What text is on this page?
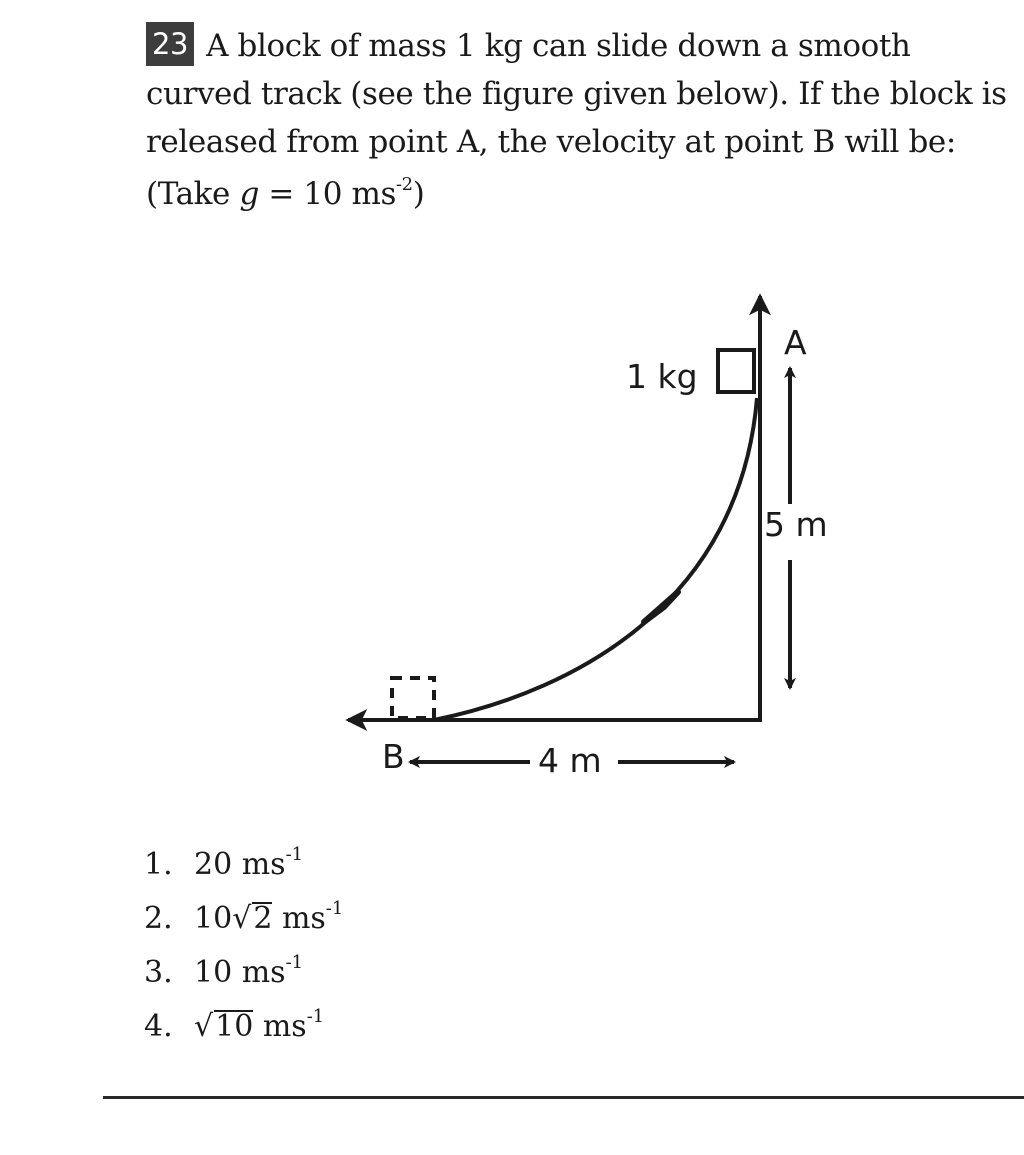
23 A block of mass 1 kg can slide down a smooth
curved track (see the figure given below). If the block is
released from point A, the velocity at point B will be:
(Take g = 10 $ms^{-2}$)
1 kg
A
B
5 m
4 m
1. 20 $ms^{-1}$
2. 10√2 $ms^{-1}$
3. 10 $ms^{-1}$
4. √10 $ms^{-1}$
